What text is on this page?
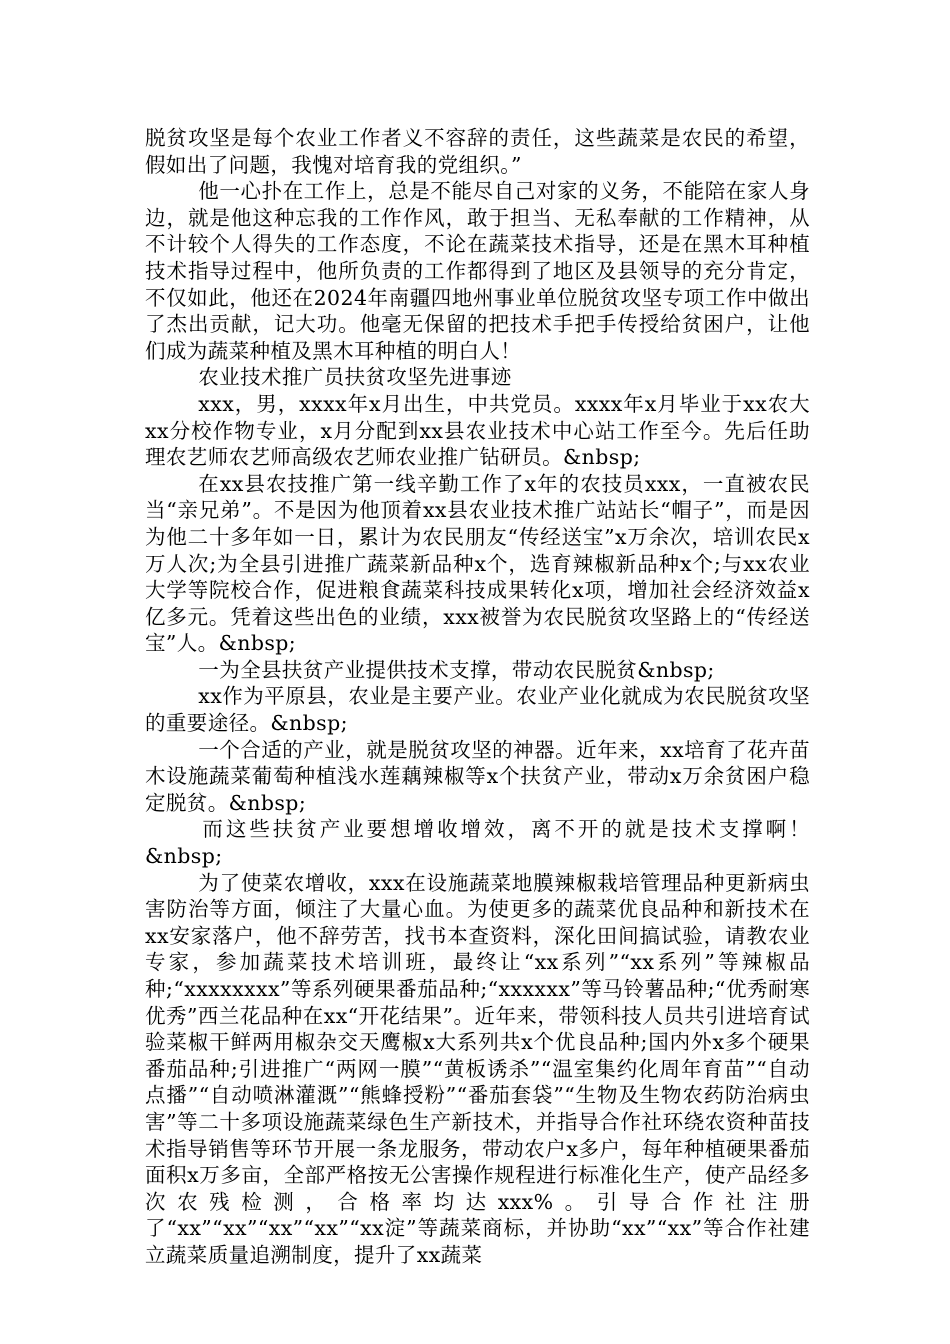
脱贫攻坚是每个农业工作者义不容辞的责任，这些蔬菜是农民的希望，假如出了问题，我愧对培育我的党组织。”

他一心扑在工作上，总是不能尽自己对家的义务，不能陪在家人身边，就是他这种忘我的工作作风，敢于担当、无私奉献的工作精神，从不计较个人得失的工作态度，不论在蔬菜技术指导，还是在黑木耳种植技术指导过程中，他所负责的工作都得到了地区及县领导的充分肯定，不仅如此，他还在2024年南疆四地州事业单位脱贫攻坚专项工作中做出了杰出贡献，记大功。他毫无保留的把技术手把手传授给贫困户，让他们成为蔬菜种植及黑木耳种植的明白人！

农业技术推广员扶贫攻坚先进事迹

xxx，男，xxxx年x月出生，中共党员。xxxx年x月毕业于xx农大xx分校作物专业，x月分配到xx县农业技术中心站工作至今。先后任助理农艺师农艺师高级农艺师农业推广钻研员。&nbsp;

在xx县农技推广第一线辛勤工作了x年的农技员xxx，一直被农民当“亲兄弟”。不是因为他顶着xx县农业技术推广站站长“帽子”，而是因为他二十多年如一日，累计为农民朋友“传经送宝”x万余次，培训农民x万人次;为全县引进推广蔬菜新品种x个，选育辣椒新品种x个;与xx农业大学等院校合作，促进粮食蔬菜科技成果转化x项，增加社会经济效益x亿多元。凭着这些出色的业绩，xxx被誉为农民脱贫攻坚路上的“传经送宝”人。&nbsp;

一为全县扶贫产业提供技术支撑，带动农民脱贫&nbsp;

xx作为平原县，农业是主要产业。农业产业化就成为农民脱贫攻坚的重要途径。&nbsp;

一个合适的产业，就是脱贫攻坚的神器。近年来，xx培育了花卉苗木设施蔬菜葡萄种植浅水莲藕辣椒等x个扶贫产业，带动x万余贫困户稳定脱贫。&nbsp;

而这些扶贫产业要想增收增效，离不开的就是技术支撑啊！&nbsp;

为了使菜农增收，xxx在设施蔬菜地膜辣椒栽培管理品种更新病虫害防治等方面，倾注了大量心血。为使更多的蔬菜优良品种和新技术在xx安家落户，他不辞劳苦，找书本查资料，深化田间搞试验，请教农业专家，参加蔬菜技术培训班，最终让“xx系列”“xx系列”等辣椒品种;“xxxxxxxx”等系列硬果番茄品种;“xxxxxx”等马铃薯品种;“优秀耐寒优秀”西兰花品种在xx“开花结果”。近年来，带领科技人员共引进培育试验菜椒干鲜两用椒杂交天鹰椒x大系列共x个优良品种;国内外x多个硬果番茄品种;引进推广“两网一膜”“黄板诱杀”“温室集约化周年育苗”“自动点播”“自动喷淋灌溉”“熊蜂授粉”“番茄套袋”“生物及生物农药防治病虫害”等二十多项设施蔬菜绿色生产新技术，并指导合作社环绕农资种苗技术指导销售等环节开展一条龙服务，带动农户x多户，每年种植硬果番茄面积x万多亩，全部严格按无公害操作规程进行标准化生产，使产品经多次农残检测，合格率均达xxx%。引导合作社注册了“xx”“xx”“xx”“xx”“xx淀”等蔬菜商标，并协助“xx”“xx”等合作社建立蔬菜质量追溯制度，提升了xx蔬菜
